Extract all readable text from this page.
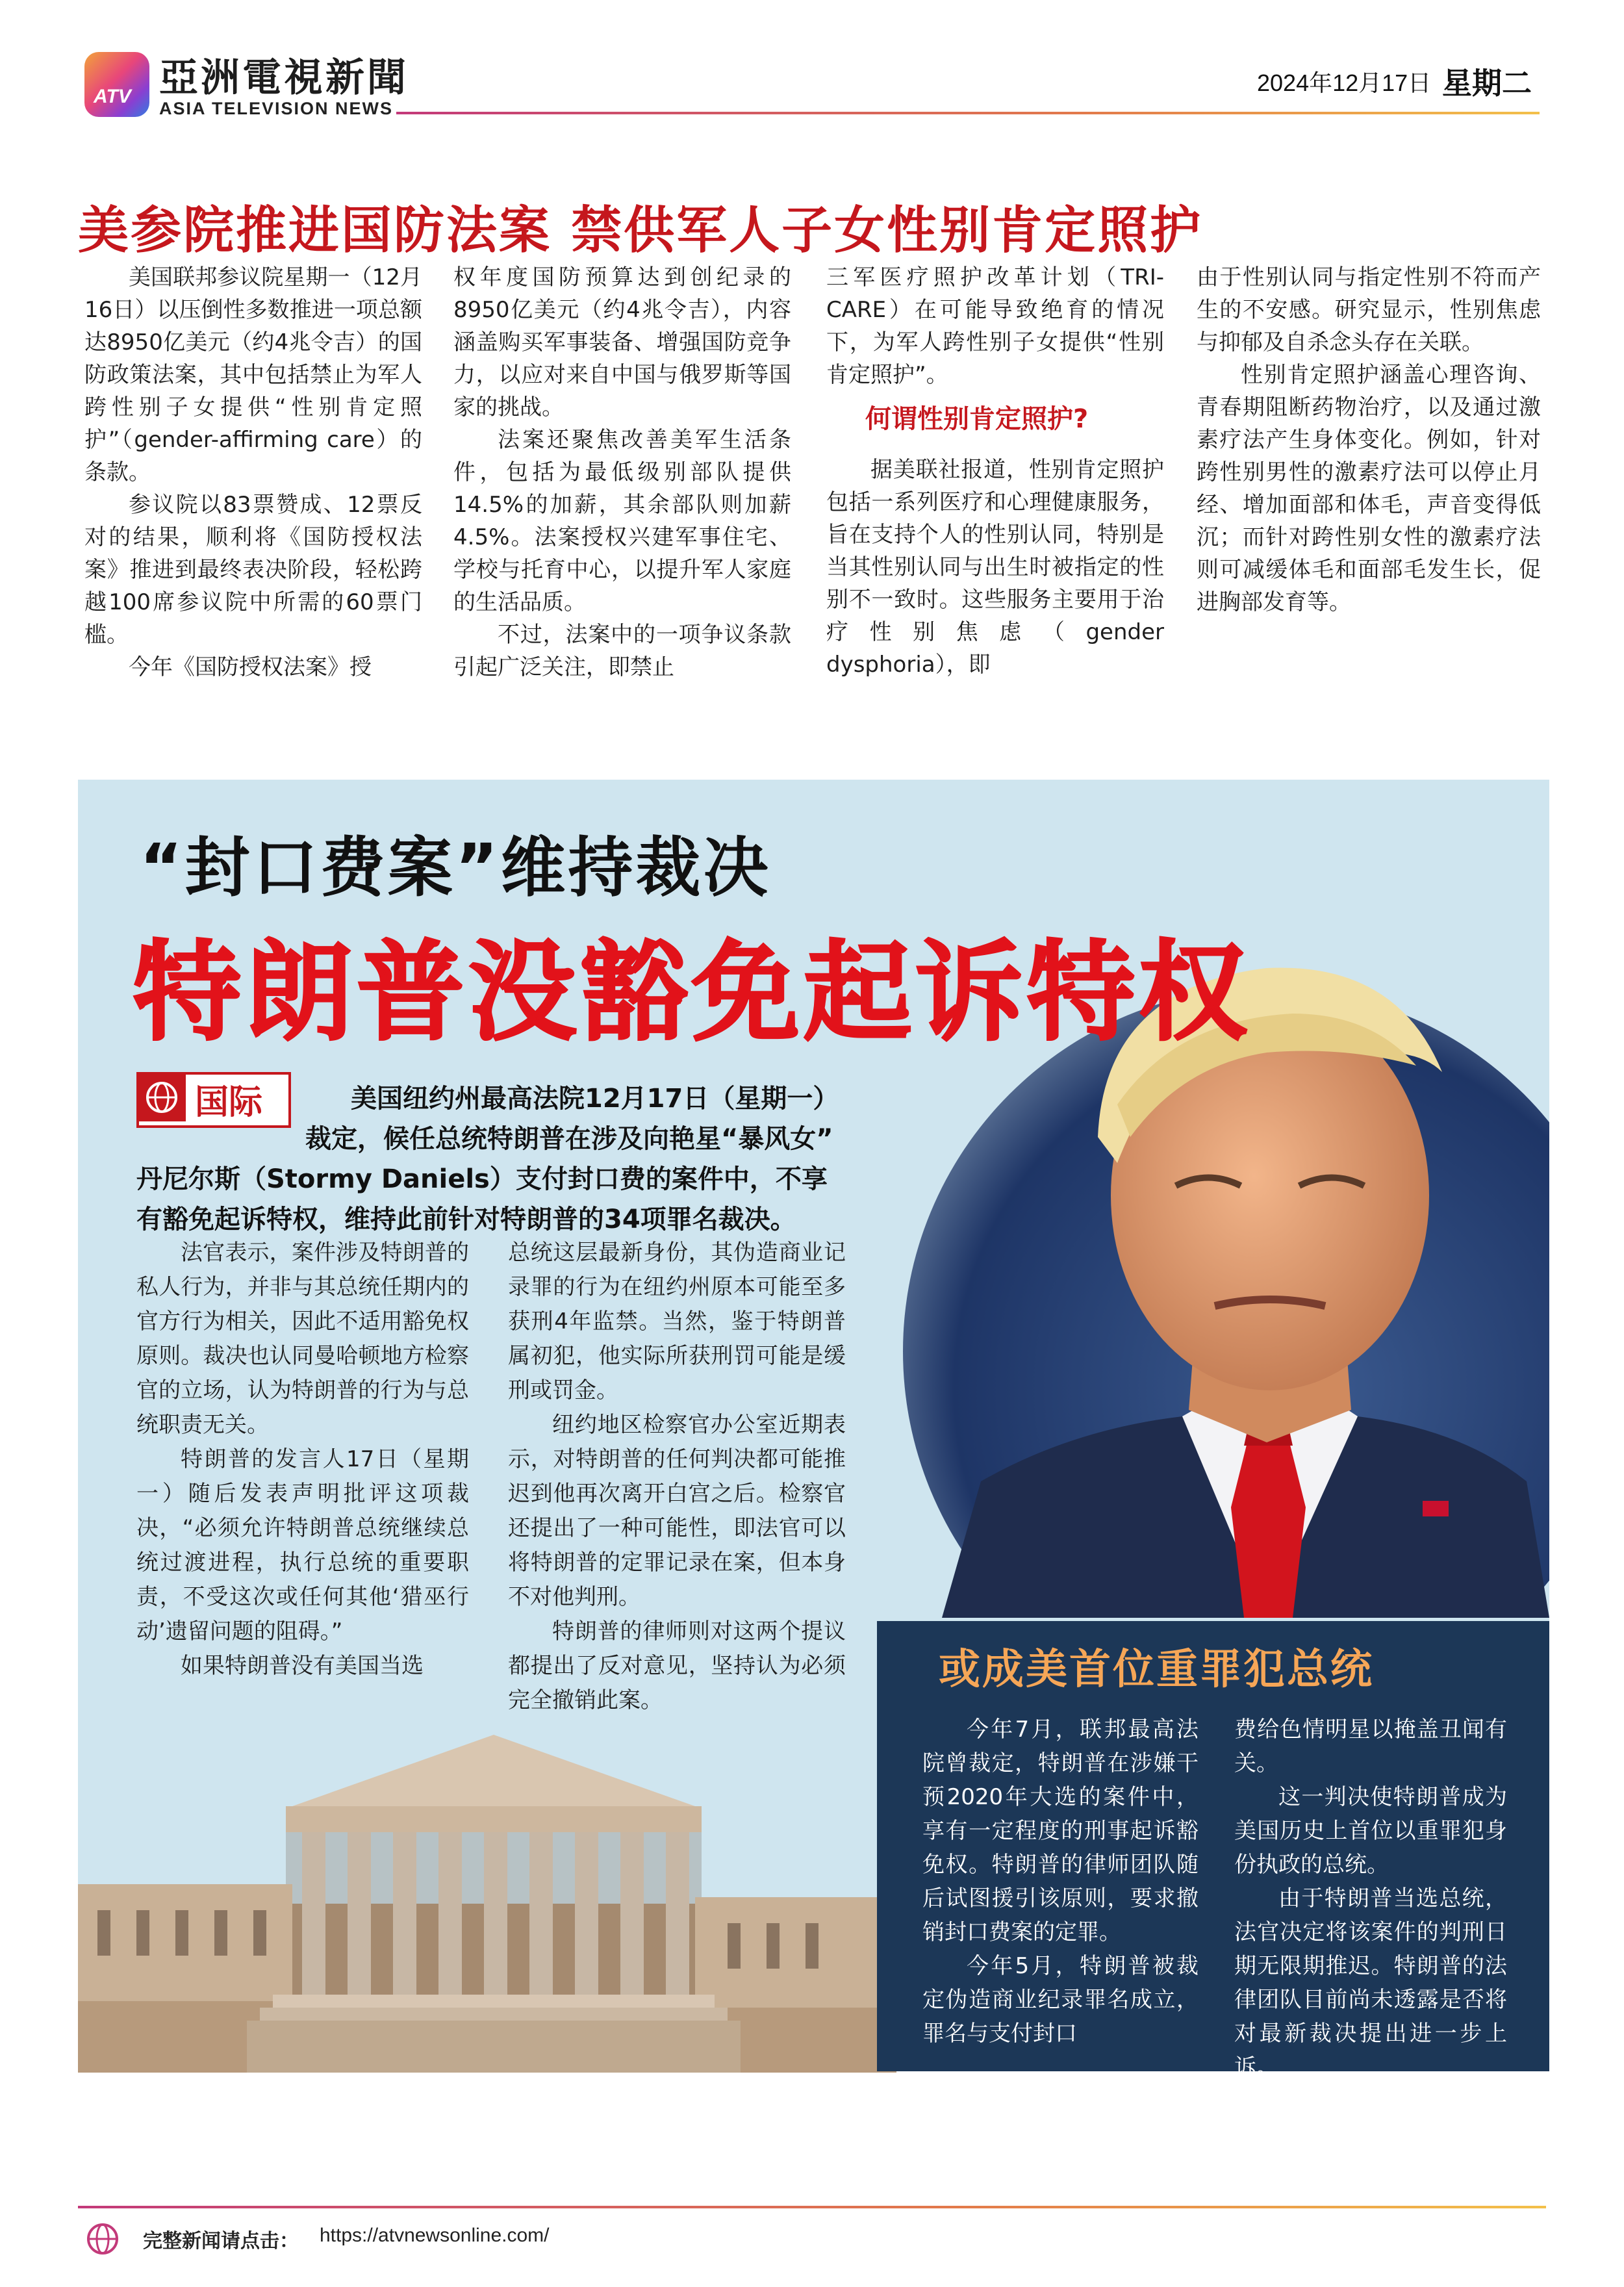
ATV 亞洲電視新聞
ASIA TELEVISION NEWS
2024年12月17日 星期二
美参院推进国防法案 禁供军人子女性别肯定照护

美国联邦参议院星期一（12月16日）以压倒性多数推进一项总额达8950亿美元（约4兆令吉）的国防政策法案，其中包括禁止为军人跨性别子女提供“性别肯定照护”（gender-affirming care）的条款。

参议院以83票赞成、12票反对的结果，顺利将《国防授权法案》推进到最终表决阶段，轻松跨越100席参议院中所需的60票门槛。

今年《国防授权法案》授

权年度国防预算达到创纪录的8950亿美元（约4兆令吉），内容涵盖购买军事装备、增强国防竞争力，以应对来自中国与俄罗斯等国家的挑战。

法案还聚焦改善美军生活条件，包括为最低级别部队提供14.5%的加薪，其余部队则加薪4.5%。法案授权兴建军事住宅、学校与托育中心，以提升军人家庭的生活品质。

不过，法案中的一项争议条款引起广泛关注，即禁止

三军医疗照护改革计划（TRI-CARE）在可能导致绝育的情况下，为军人跨性别子女提供“性别肯定照护”。

何谓性别肯定照护?

据美联社报道，性别肯定照护包括一系列医疗和心理健康服务，旨在支持个人的性别认同，特别是当其性别认同与出生时被指定的性别不一致时。这些服务主要用于治疗性别焦虑（gender dysphoria），即

由于性别认同与指定性别不符而产生的不安感。研究显示，性别焦虑与抑郁及自杀念头存在关联。

性别肯定照护涵盖心理咨询、青春期阻断药物治疗，以及通过激素疗法产生身体变化。例如，针对跨性别男性的激素疗法可以停止月经、增加面部和体毛，声音变得低沉；而针对跨性别女性的激素疗法则可减缓体毛和面部毛发生长，促进胸部发育等。

“封口费案”维持裁决
特朗普没豁免起诉特权
国际	美国纽约州最高法院12月17日（星期一）
裁定，候任总统特朗普在涉及向艳星“暴风女”
丹尼尔斯（Stormy Daniels）支付封口费的案件中，不享
有豁免起诉特权，维持此前针对特朗普的34项罪名裁决。

法官表示，案件涉及特朗普的私人行为，并非与其总统任期内的官方行为相关，因此不适用豁免权原则。裁决也认同曼哈顿地方检察官的立场，认为特朗普的行为与总统职责无关。

特朗普的发言人17日（星期一）随后发表声明批评这项裁决，“必须允许特朗普总统继续总统过渡进程，执行总统的重要职责，不受这次或任何其他‘猎巫行动’遗留问题的阻碍。”

如果特朗普没有美国当选

总统这层最新身份，其伪造商业记录罪的行为在纽约州原本可能至多获刑4年监禁。当然，鉴于特朗普属初犯，他实际所获刑罚可能是缓刑或罚金。

纽约地区检察官办公室近期表示，对特朗普的任何判决都可能推迟到他再次离开白宫之后。检察官还提出了一种可能性，即法官可以将特朗普的定罪记录在案，但本身不对他判刑。

特朗普的律师则对这两个提议都提出了反对意见，坚持认为必须完全撤销此案。

或成美首位重罪犯总统

今年7月，联邦最高法院曾裁定，特朗普在涉嫌干预2020年大选的案件中，享有一定程度的刑事起诉豁免权。特朗普的律师团队随后试图援引该原则，要求撤销封口费案的定罪。

今年5月，特朗普被裁定伪造商业纪录罪名成立，罪名与支付封口

费给色情明星以掩盖丑闻有关。

这一判决使特朗普成为美国历史上首位以重罪犯身份执政的总统。

由于特朗普当选总统，法官决定将该案件的判刑日期无限期推迟。特朗普的法律团队目前尚未透露是否将对最新裁决提出进一步上诉。

完整新闻请点击： https://atvnewsonline.com/
